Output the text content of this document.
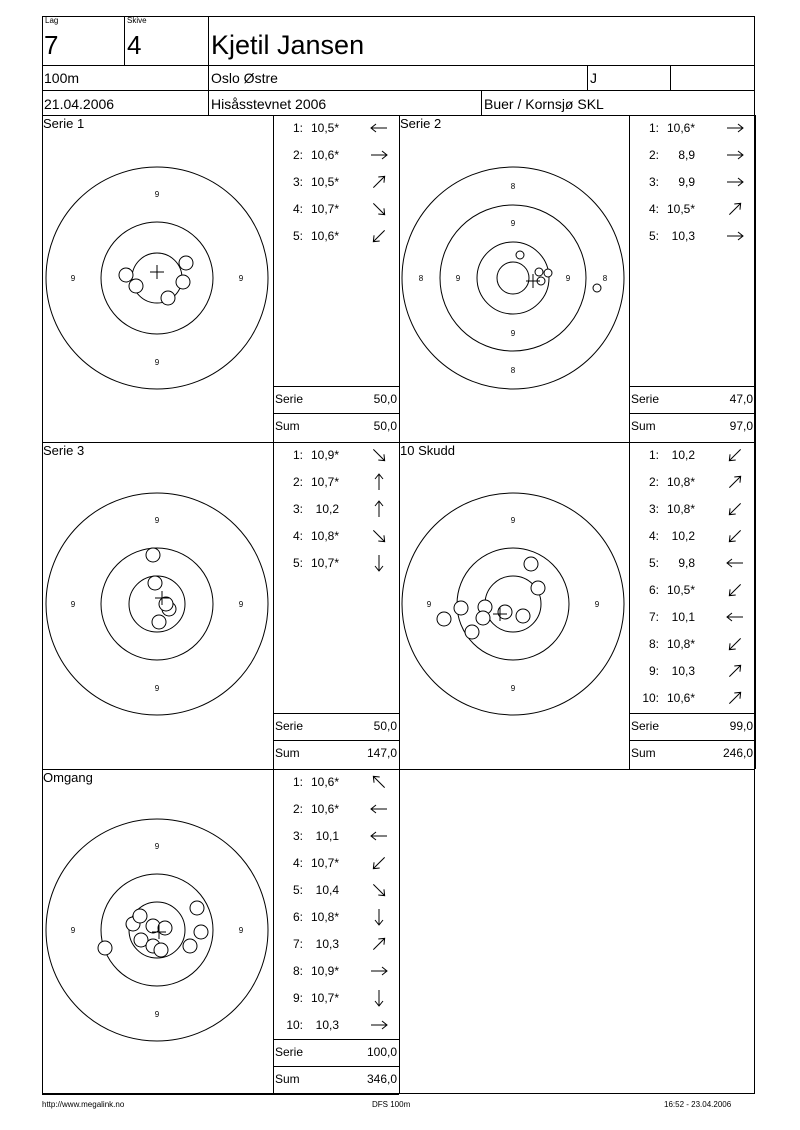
Lag
7
Skive
4	Kjetil Jansen
100m	Oslo Østre	J
21.04.2006	Hisåsstevnet 2006	Buer / Kornsjø SKL
Serie 1
9
9	9
9
1: 10,5*
2: 10,6*
3: 10,5*
4: 10,7*
5: 10,6*
Serie	50,0
Sum	50,0
Serie 2
8
9
8	9	9	8
9
8
1: 10,6*
2: 8,9
3: 9,9
4: 10,5*
5: 10,3
Serie	47,0
Sum	97,0
Serie 3
9
9	9
9
1: 10,9*
2: 10,7*
3: 10,2
4: 10,8*
5: 10,7*
Serie	50,0
Sum	147,0
10 Skudd
9
9	9
9
1: 10,2
2: 10,8*
3: 10,8*
4: 10,2
5: 9,8
6: 10,5*
7: 10,1
8: 10,8*
9: 10,3
10: 10,6*
Serie	99,0
Sum	246,0
Omgang
9
9	9
9
1: 10,6*
2: 10,6*
3: 10,1
4: 10,7*
5: 10,4
6: 10,8*
7: 10,3
8: 10,9*
9: 10,7*
10: 10,3
Serie	100,0
Sum	346,0
http://www.megalink.no	DFS 100m	16:52 - 23.04.2006
